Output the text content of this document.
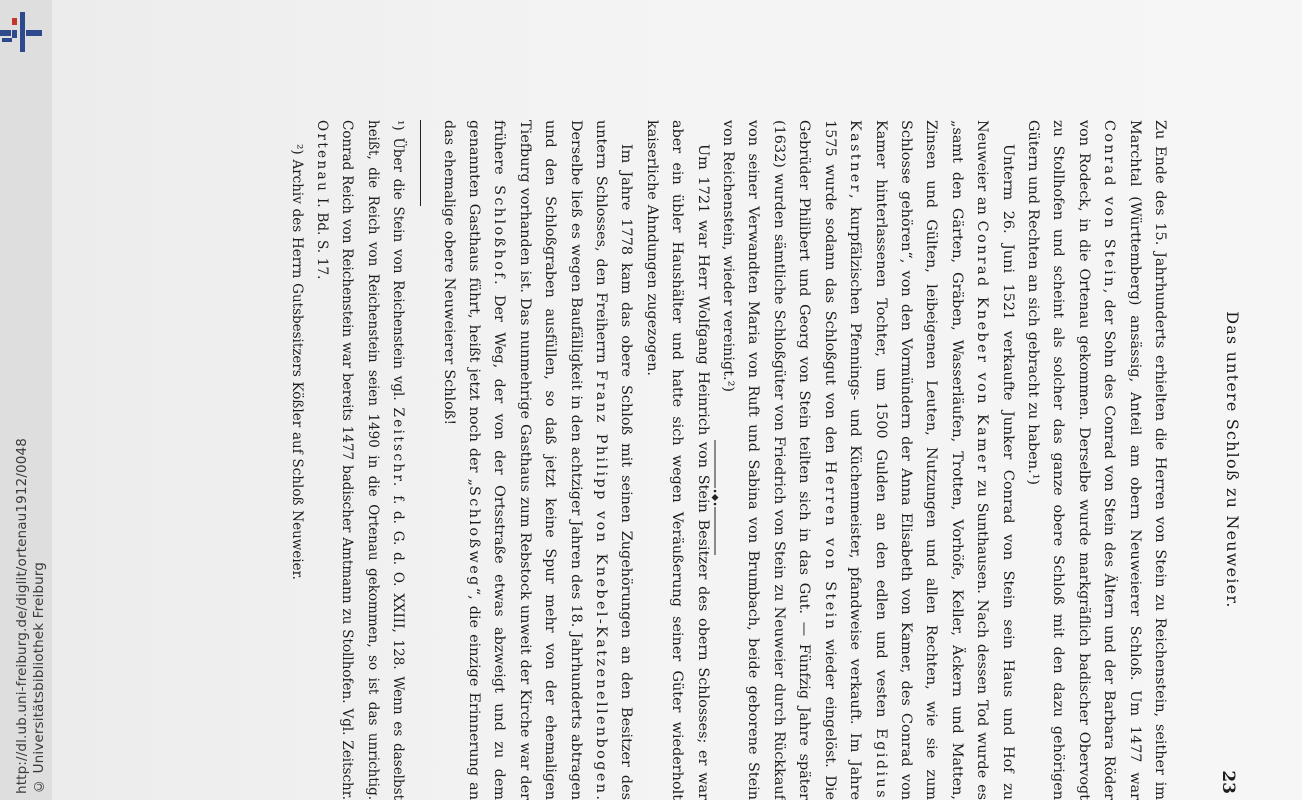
http://dl.ub.uni-freiburg.de/diglit/ortenau1912/0048 © Universitätsbibliothek Freiburg
Das untere Schloß zu Neuweier.
23

Zu Ende des 15. Jahrhunderts erhielten die Herren von Stein zu Reichenstein, seither im Marchtal (Württemberg) ansässig, Anteil am obern Neuweierer Schloß. Um 1477 war Conrad von Stein, der Sohn des Conrad von Stein des Ältern und der Barbara Röder von Rodeck, in die Ortenau gekommen. Derselbe wurde markgräflich badischer Obervogt zu Stollhofen und scheint als solcher das ganze obere Schloß mit den dazu gehörigen Gütern und Rechten an sich gebracht zu haben.¹)

Unterm 26. Juni 1521 verkaufte Junker Conrad von Stein sein Haus und Hof zu Neuweier an Conrad Kneber von Kamer zu Sunthausen. Nach dessen Tod wurde es „samt den Gärten, Gräben, Wasserläufen, Trotten, Vorhöfe, Keller, Äckern und Matten, Zinsen und Gülten, leibeigenen Leuten, Nutzungen und allen Rechten, wie sie zum Schlosse gehören“, von den Vormündern der Anna Elisabeth von Kamer, des Conrad von Kamer hinterlassenen Tochter, um 1500 Gulden an den edlen und vesten Egidius Kastner, kurpfälzischen Pfennings- und Küchenmeister, pfandweise verkauft. Im Jahre 1575 wurde sodann das Schloßgut von den Herren von Stein wieder eingelöst. Die Gebrüder Philibert und Georg von Stein teilten sich in das Gut. — Fünfzig Jahre später (1632) wurden sämtliche Schloßgüter von Friedrich von Stein zu Neuweier durch Rückkauf von seiner Verwandten Maria von Ruft und Sabina von Brumbach, beide geborene Stein von Reichenstein, wieder vereinigt.²)

Um 1721 war Herr Wolfgang Heinrich von Stein Besitzer des obern Schlosses; er war aber ein übler Haushälter und hatte sich wegen Veräußerung seiner Güter wiederholt kaiserliche Ahndungen zugezogen.

Im Jahre 1778 kam das obere Schloß mit seinen Zugehörungen an den Besitzer des untern Schlosses, den Freiherrn Franz Philipp von Knebel-Katzenellenbogen. Derselbe ließ es wegen Baufälligkeit in den achtziger Jahren des 18. Jahrhunderts abtragen und den Schloßgraben ausfüllen, so daß jetzt keine Spur mehr von der ehemaligen Tiefburg vorhanden ist. Das nunmehrige Gasthaus zum Rebstock unweit der Kirche war der frühere Schloßhof. Der Weg, der von der Ortsstraße etwas abzweigt und zu dem genannten Gasthaus führt, heißt jetzt noch der „Schloßweg“, die einzige Erinnerung an das ehemalige obere Neuweierer Schloß!

¹) Über die Stein von Reichenstein vgl. Zeitschr. f. d. G. d. O. XXIII, 128. Wenn es daselbst heißt, die Reich von Reichenstein seien 1490 in die Ortenau gekommen, so ist das unrichtig. Conrad Reich von Reichenstein war bereits 1477 badischer Amtmann zu Stollhofen. Vgl. Zeitschr. Ortenau I. Bd. S. 17.

²) Archiv des Herrn Gutsbesitzers Kößler auf Schloß Neuweier.
